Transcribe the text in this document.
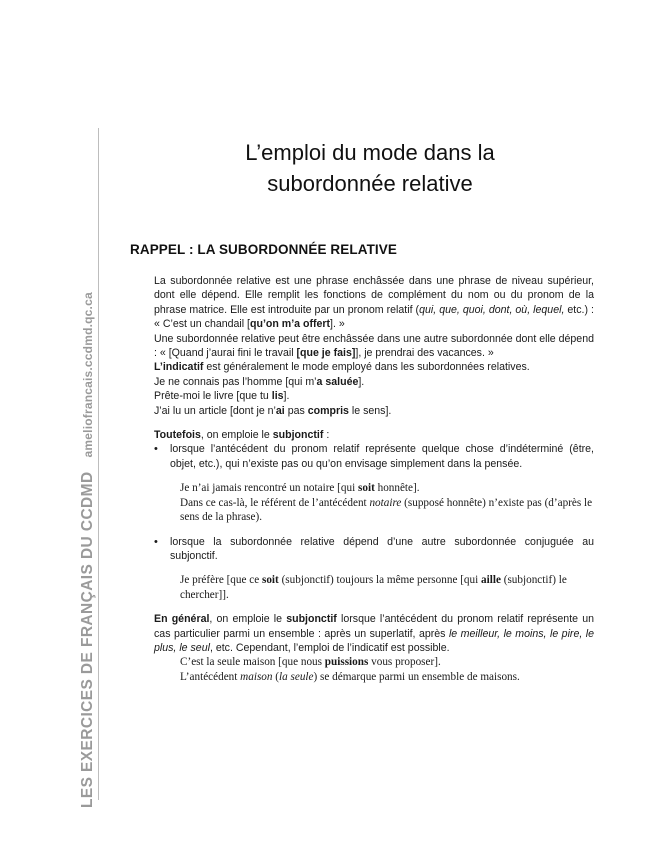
LES EXERCICES DE FRANÇAIS DU CCDMDamelio​francais.ccdmd.qc.ca
L’emploi du mode dans la
subordonnée relative
RAPPEL : LA SUBORDONNÉE RELATIVE

La subordonnée relative est une phrase enchâssée dans une phrase de niveau supérieur, dont elle dépend. Elle remplit les fonctions de complément du nom ou du pronom de la phrase matrice. Elle est introduite par un pronom relatif (qui, que, quoi, dont, où, lequel, etc.) : « C’est un chandail [qu’on m’a offert]. »

Une subordonnée relative peut être enchâssée dans une autre subordonnée dont elle dépend : « [Quand j’aurai fini le travail [que je fais]], je prendrai des vacances. »

L’indicatif est généralement le mode employé dans les subordonnées relatives.

Je ne connais pas l’homme [qui m’a saluée].

Prête-moi le livre [que tu lis].

J’ai lu un article [dont je n’ai pas compris le sens].

Toutefois, on emploie le subjonctif :

• lorsque l’antécédent du pronom relatif représente quelque chose d’indéterminé (être, objet, etc.), qui n’existe pas ou qu’on envisage simplement dans la pensée.

Je n’ai jamais rencontré un notaire [qui soit honnête].

Dans ce cas-là, le référent de l’antécédent notaire (supposé honnête) n’existe pas (d’après le sens de la phrase).

• lorsque la subordonnée relative dépend d’une autre subordonnée conjuguée au subjonctif.

Je préfère [que ce soit (subjonctif) toujours la même personne [qui aille (subjonctif) le chercher]].

En général, on emploie le subjonctif lorsque l’antécédent du pronom relatif représente un cas particulier parmi un ensemble : après un superlatif, après le meilleur, le moins, le pire, le plus, le seul, etc. Cependant, l’emploi de l’indicatif est possible.

C’est la seule maison [que nous puissions vous proposer].

L’antécédent maison (la seule) se démarque parmi un ensemble de maisons.
